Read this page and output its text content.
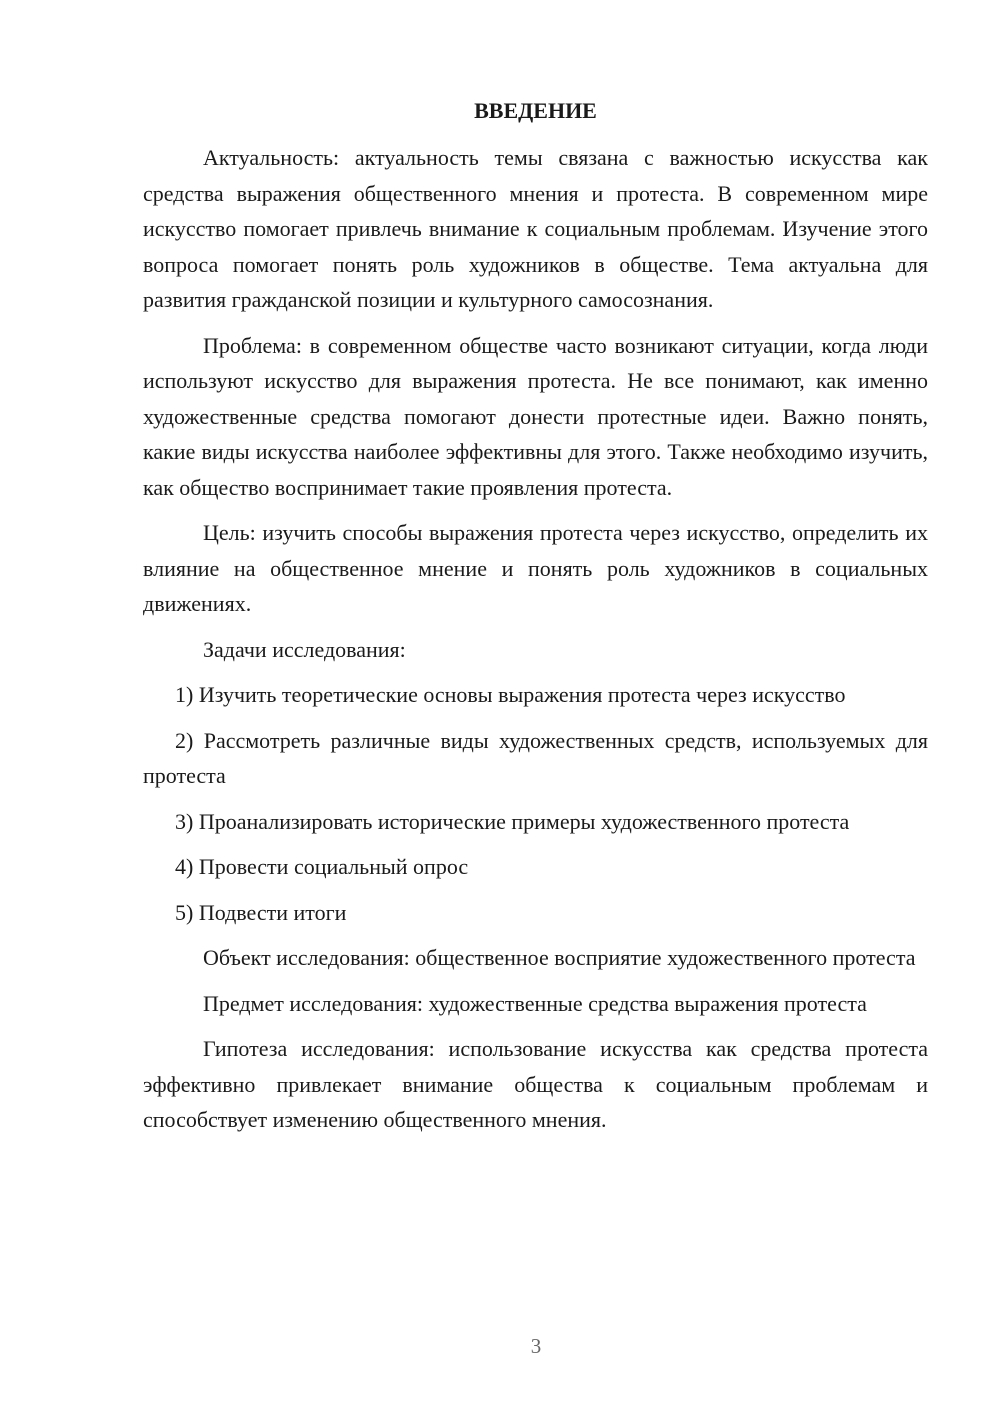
ВВЕДЕНИЕ

Актуальность: актуальность темы связана с важностью искусства как средства выражения общественного мнения и протеста. В современном мире искусство помогает привлечь внимание к социальным проблемам. Изучение этого вопроса помогает понять роль художников в обществе. Тема актуальна для развития гражданской позиции и культурного самосознания.

Проблема: в современном обществе часто возникают ситуации, когда люди используют искусство для выражения протеста. Не все понимают, как именно художественные средства помогают донести протестные идеи. Важно понять, какие виды искусства наиболее эффективны для этого. Также необходимо изучить, как общество воспринимает такие проявления протеста.

Цель: изучить способы выражения протеста через искусство, определить их влияние на общественное мнение и понять роль художников в социальных движениях.

Задачи исследования:

1) Изучить теоретические основы выражения протеста через искусство

2) Рассмотреть различные виды художественных средств, используемых для протеста

3) Проанализировать исторические примеры художественного протеста

4) Провести социальный опрос

5) Подвести итоги

Объект исследования: общественное восприятие художественного протеста

Предмет исследования: художественные средства выражения протеста

Гипотеза исследования: использование искусства как средства протеста эффективно привлекает внимание общества к социальным проблемам и способствует изменению общественного мнения.

3
